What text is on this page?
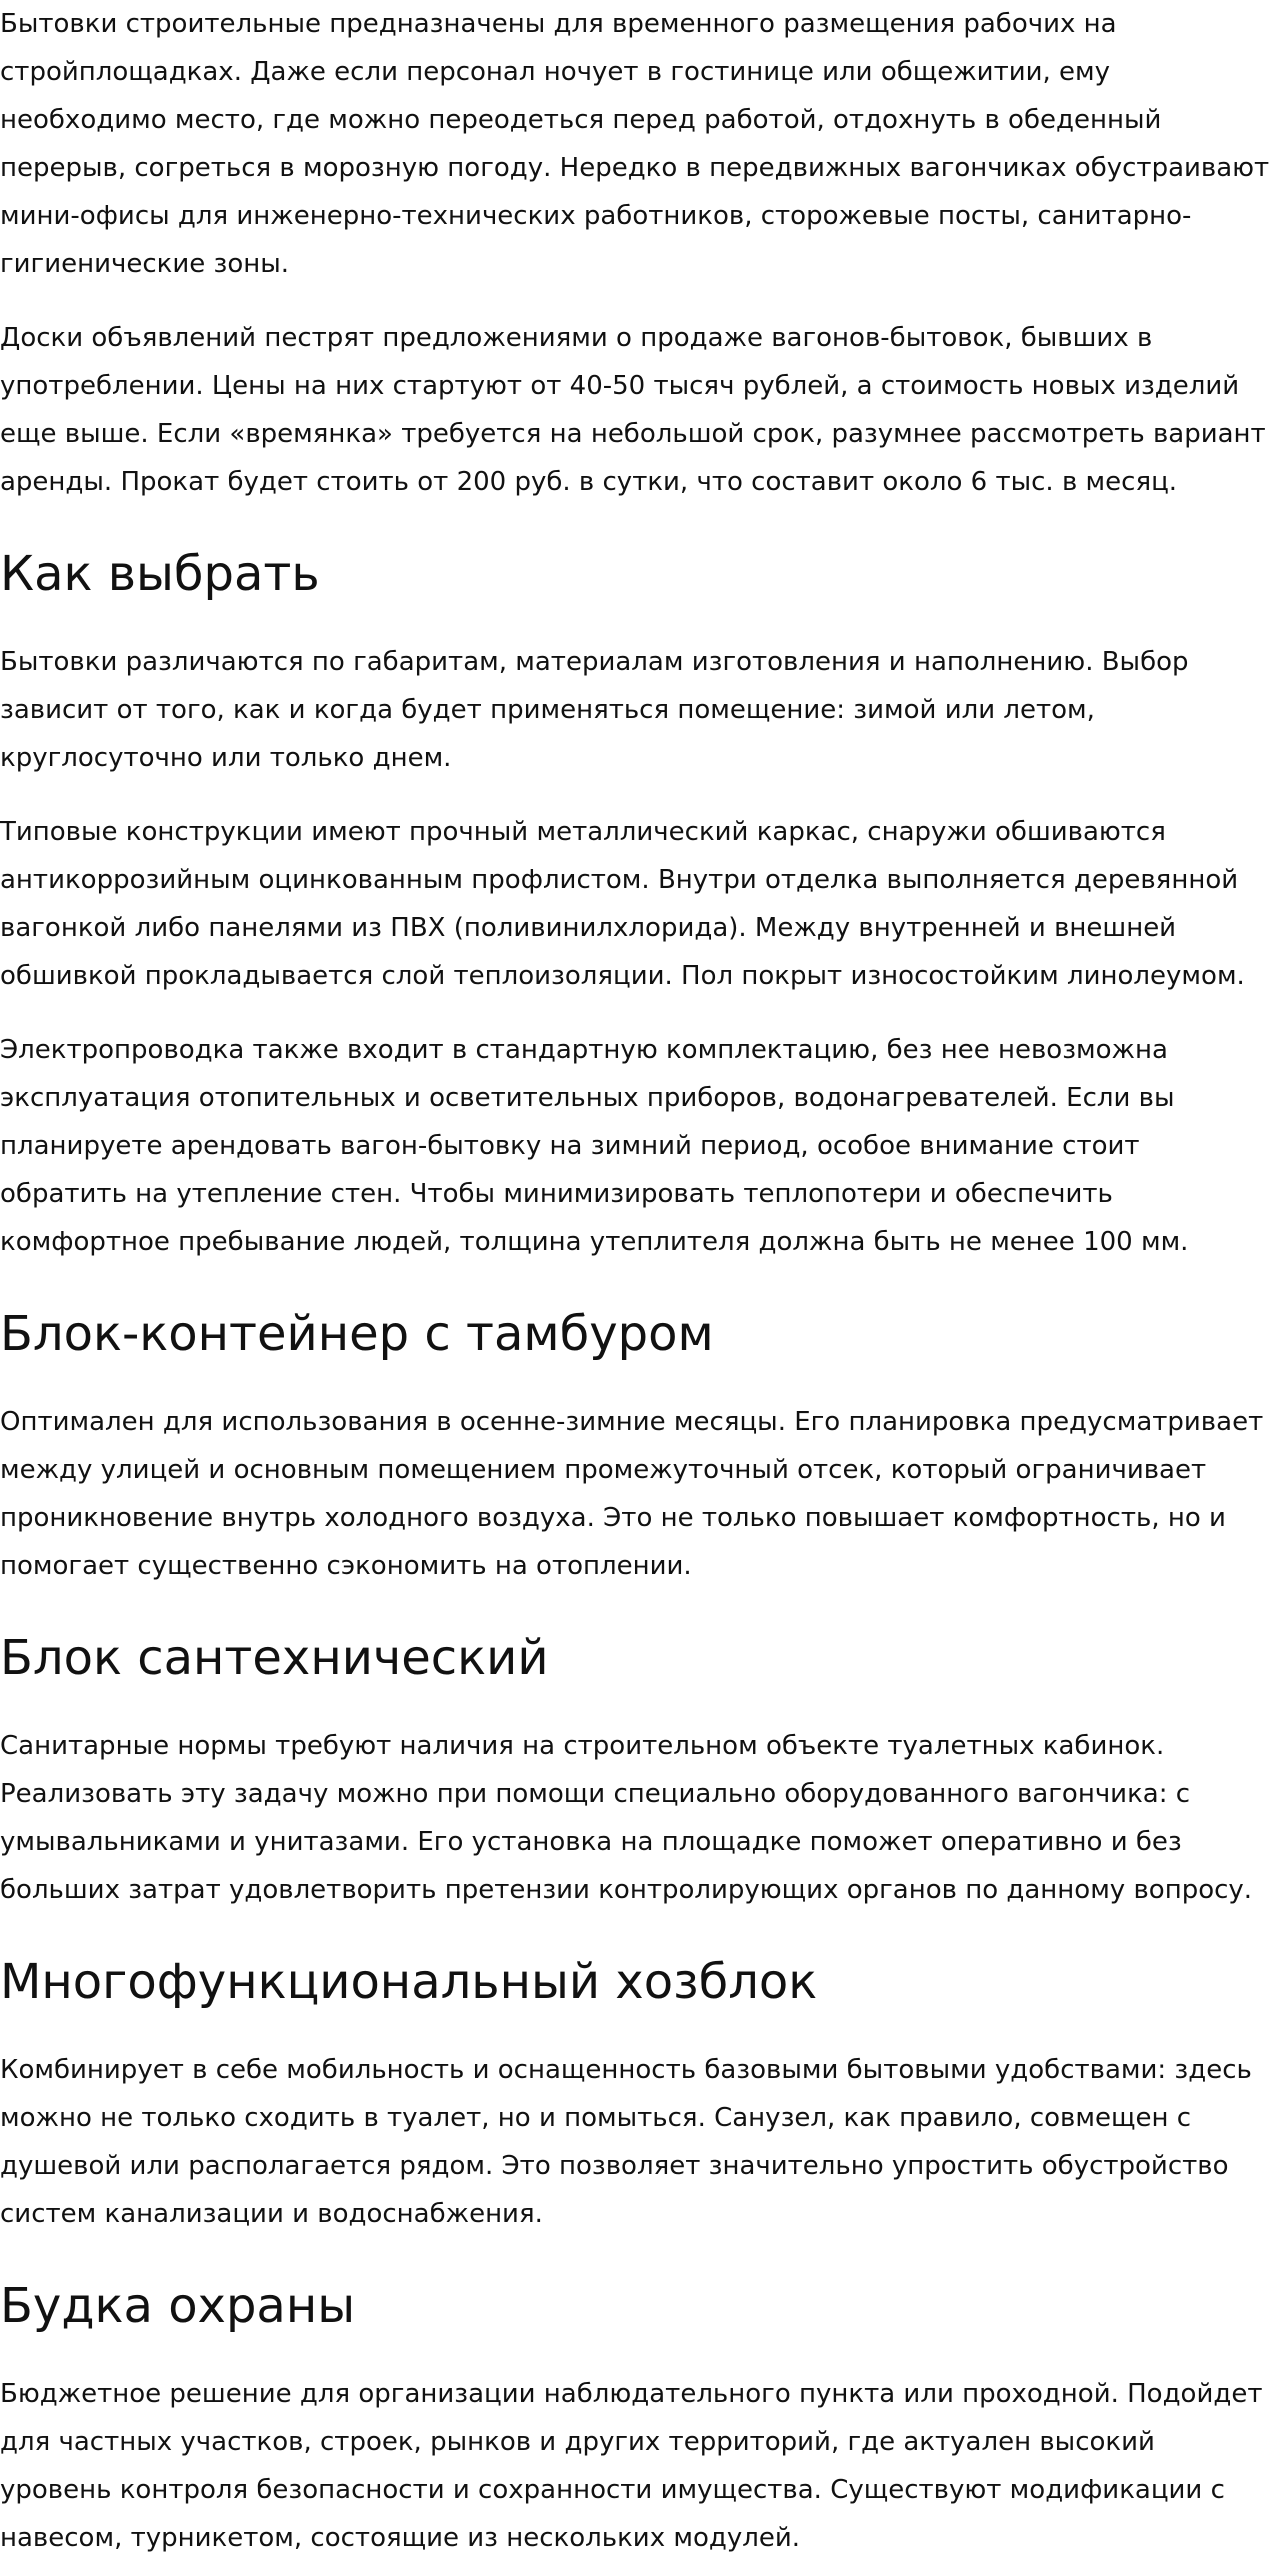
Бытовки строительные предназначены для временного размещения рабочих на стройплощадках. Даже если персонал ночует в гостинице или общежитии, ему необходимо место, где можно переодеться перед работой, отдохнуть в обеденный перерыв, согреться в морозную погоду. Нередко в передвижных вагончиках обустраивают мини-офисы для инженерно-технических работников, сторожевые посты, санитарно-гигиенические зоны.

Доски объявлений пестрят предложениями о продаже вагонов-бытовок, бывших в употреблении. Цены на них стартуют от 40-50 тысяч рублей, а стоимость новых изделий еще выше. Если «времянка» требуется на небольшой срок, разумнее рассмотреть вариант аренды. Прокат будет стоить от 200 руб. в сутки, что составит около 6 тыс. в месяц.

Как выбрать

Бытовки различаются по габаритам, материалам изготовления и наполнению. Выбор зависит от того, как и когда будет применяться помещение: зимой или летом, круглосуточно или только днем.

Типовые конструкции имеют прочный металлический каркас, снаружи обшиваются антикоррозийным оцинкованным профлистом. Внутри отделка выполняется деревянной вагонкой либо панелями из ПВХ (поливинилхлорида). Между внутренней и внешней обшивкой прокладывается слой теплоизоляции. Пол покрыт износостойким линолеумом.

Электропроводка также входит в стандартную комплектацию, без нее невозможна эксплуатация отопительных и осветительных приборов, водонагревателей. Если вы планируете арендовать вагон-бытовку на зимний период, особое внимание стоит обратить на утепление стен. Чтобы минимизировать теплопотери и обеспечить комфортное пребывание людей, толщина утеплителя должна быть не менее 100 мм.

Блок-контейнер с тамбуром

Оптимален для использования в осенне-зимние месяцы. Его планировка предусматривает между улицей и основным помещением промежуточный отсек, который ограничивает проникновение внутрь холодного воздуха. Это не только повышает комфортность, но и помогает существенно сэкономить на отоплении.

Блок сантехнический

Санитарные нормы требуют наличия на строительном объекте туалетных кабинок. Реализовать эту задачу можно при помощи специально оборудованного вагончика: с умывальниками и унитазами. Его установка на площадке поможет оперативно и без больших затрат удовлетворить претензии контролирующих органов по данному вопросу.

Многофункциональный хозблок

Комбинирует в себе мобильность и оснащенность базовыми бытовыми удобствами: здесь можно не только сходить в туалет, но и помыться. Санузел, как правило, совмещен с душевой или располагается рядом. Это позволяет значительно упростить обустройство систем канализации и водоснабжения.

Будка охраны

Бюджетное решение для организации наблюдательного пункта или проходной. Подойдет для частных участков, строек, рынков и других территорий, где актуален высокий уровень контроля безопасности и сохранности имущества. Существуют модификации с навесом, турникетом, состоящие из нескольких модулей.
